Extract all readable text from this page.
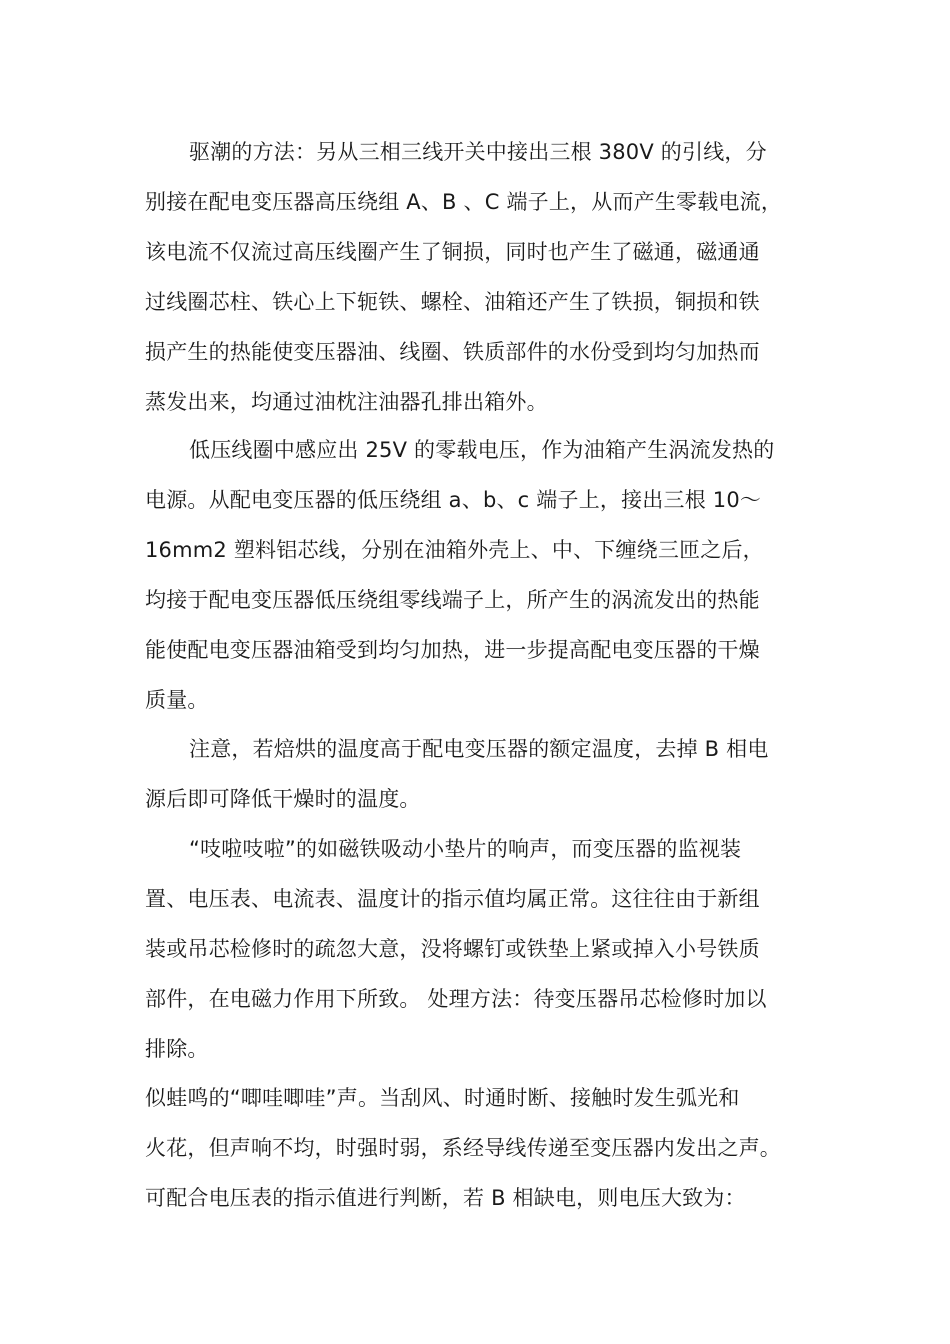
驱潮的方法：另从三相三线开关中接出三根 380V 的引线，分
别接在配电变压器高压绕组 A、B 、C 端子上，从而产生零载电流，
该电流不仅流过高压线圈产生了铜损，同时也产生了磁通，磁通通
过线圈芯柱、铁心上下轭铁、螺栓、油箱还产生了铁损，铜损和铁
损产生的热能使变压器油、线圈、铁质部件的水份受到均匀加热而
蒸发出来，均通过油枕注油器孔排出箱外。
低压线圈中感应出 25V 的零载电压，作为油箱产生涡流发热的
电源。从配电变压器的低压绕组 a、b、c 端子上，接出三根 10～
16mm2 塑料铝芯线，分别在油箱外壳上、中、下缠绕三匝之后，
均接于配电变压器低压绕组零线端子上，所产生的涡流发出的热能
能使配电变压器油箱受到均匀加热，进一步提高配电变压器的干燥
质量。
注意，若焙烘的温度高于配电变压器的额定温度，去掉 B 相电
源后即可降低干燥时的温度。
“吱啦吱啦”的如磁铁吸动小垫片的响声，而变压器的监视装
置、电压表、电流表、温度计的指示值均属正常。这往往由于新组
装或吊芯检修时的疏忽大意，没将螺钉或铁垫上紧或掉入小号铁质
部件，在电磁力作用下所致。 处理方法：待变压器吊芯检修时加以
排除。
似蛙鸣的“唧哇唧哇”声。当刮风、时通时断、接触时发生弧光和
火花，但声响不均，时强时弱，系经导线传递至变压器内发出之声。
可配合电压表的指示值进行判断，若 B 相缺电，则电压大致为：
